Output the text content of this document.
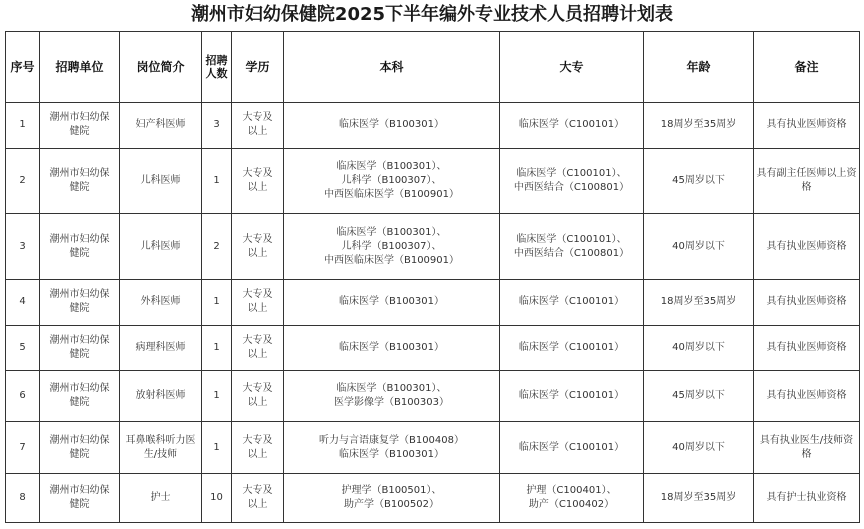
潮州市妇幼保健院2025下半年编外专业技术人员招聘计划表
序号	招聘单位	岗位简介	招聘人数	学历	本科	大专	年龄	备注
1	潮州市妇幼保健院	妇产科医师	3	大专及以上	临床医学（B100301）	临床医学（C100101）	18周岁至35周岁	具有执业医师资格
2	潮州市妇幼保健院	儿科医师	1	大专及以上	临床医学（B100301）、
儿科学（B100307）、
中西医临床医学（B100901）	临床医学（C100101）、
中西医结合（C100801）	45周岁以下	具有副主任医师以上资格
3	潮州市妇幼保健院	儿科医师	2	大专及以上	临床医学（B100301）、
儿科学（B100307）、
中西医临床医学（B100901）	临床医学（C100101）、
中西医结合（C100801）	40周岁以下	具有执业医师资格
4	潮州市妇幼保健院	外科医师	1	大专及以上	临床医学（B100301）	临床医学（C100101）	18周岁至35周岁	具有执业医师资格
5	潮州市妇幼保健院	病理科医师	1	大专及以上	临床医学（B100301）	临床医学（C100101）	40周岁以下	具有执业医师资格
6	潮州市妇幼保健院	放射科医师	1	大专及以上	临床医学（B100301）、
医学影像学（B100303）	临床医学（C100101）	45周岁以下	具有执业医师资格
7	潮州市妇幼保健院	耳鼻喉科听力医生/技师	1	大专及以上	听力与言语康复学（B100408）
临床医学（B100301）	临床医学（C100101）	40周岁以下	具有执业医生/技师资格
8	潮州市妇幼保健院	护士	10	大专及以上	护理学（B100501）、
助产学（B100502）	护理（C100401）、
助产（C100402）	18周岁至35周岁	具有护士执业资格
